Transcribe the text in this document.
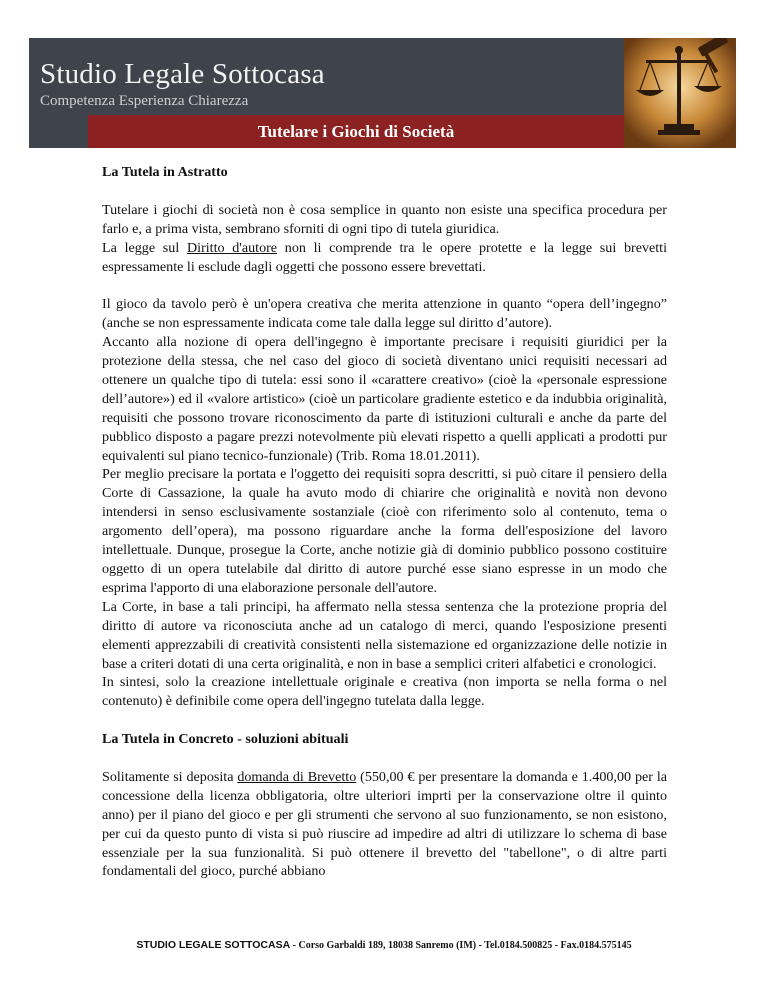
Studio Legale Sottocasa
Competenza Esperienza Chiarezza
Tutelare i Giochi di Società
La Tutela in Astratto

Tutelare i giochi di società non è cosa semplice in quanto non esiste una specifica procedura per farlo e, a prima vista, sembrano sforniti di ogni tipo di tutela giuridica.

La legge sul Diritto d'autore non li comprende tra le opere protette e la legge sui brevetti espressamente li esclude dagli oggetti che possono essere brevettati.

Il gioco da tavolo però è un'opera creativa che merita attenzione in quanto “opera dell’ingegno” (anche se non espressamente indicata come tale dalla legge sul diritto d’autore).

Accanto alla nozione di opera dell'ingegno è importante precisare i requisiti giuridici per la protezione della stessa, che nel caso del gioco di società diventano unici requisiti necessari ad ottenere un qualche tipo di tutela: essi sono il «carattere creativo» (cioè la «personale espressione dell’autore») ed il «valore artistico» (cioè un particolare gradiente estetico e da indubbia originalità, requisiti che possono trovare riconoscimento da parte di istituzioni culturali e anche da parte del pubblico disposto a pagare prezzi notevolmente più elevati rispetto a quelli applicati a prodotti pur equivalenti sul piano tecnico-funzionale) (Trib. Roma 18.01.2011).

Per meglio precisare la portata e l'oggetto dei requisiti sopra descritti, si può citare il pensiero della Corte di Cassazione, la quale ha avuto modo di chiarire che originalità e novità non devono intendersi in senso esclusivamente sostanziale (cioè con riferimento solo al contenuto, tema o argomento dell’opera), ma possono riguardare anche la forma dell'esposizione del lavoro intellettuale. Dunque, prosegue la Corte, anche notizie già di dominio pubblico possono costituire oggetto di un opera tutelabile dal diritto di autore purché esse siano espresse in un modo che esprima l'apporto di una elaborazione personale dell'autore.

La Corte, in base a tali principi, ha affermato nella stessa sentenza che la protezione propria del diritto di autore va riconosciuta anche ad un catalogo di merci, quando l'esposizione presenti elementi apprezzabili di creatività consistenti nella sistemazione ed organizzazione delle notizie in base a criteri dotati di una certa originalità, e non in base a semplici criteri alfabetici e cronologici.

In sintesi, solo la creazione intellettuale originale e creativa (non importa se nella forma o nel contenuto) è definibile come opera dell'ingegno tutelata dalla legge.

La Tutela in Concreto - soluzioni abituali

Solitamente si deposita domanda di Brevetto (550,00 € per presentare la domanda e 1.400,00 per la concessione della licenza obbligatoria, oltre ulteriori imprti per la conservazione oltre il quinto anno) per il piano del gioco e per gli strumenti che servono al suo funzionamento, se non esistono, per cui da questo punto di vista si può riuscire ad impedire ad altri di utilizzare lo schema di base essenziale per la sua funzionalità. Si può ottenere il brevetto del "tabellone", o di altre parti fondamentali del gioco, purché abbiano

STUDIO LEGALE SOTTOCASA - Corso Garbaldi 189, 18038 Sanremo (IM) - Tel.0184.500825 - Fax.0184.575145
